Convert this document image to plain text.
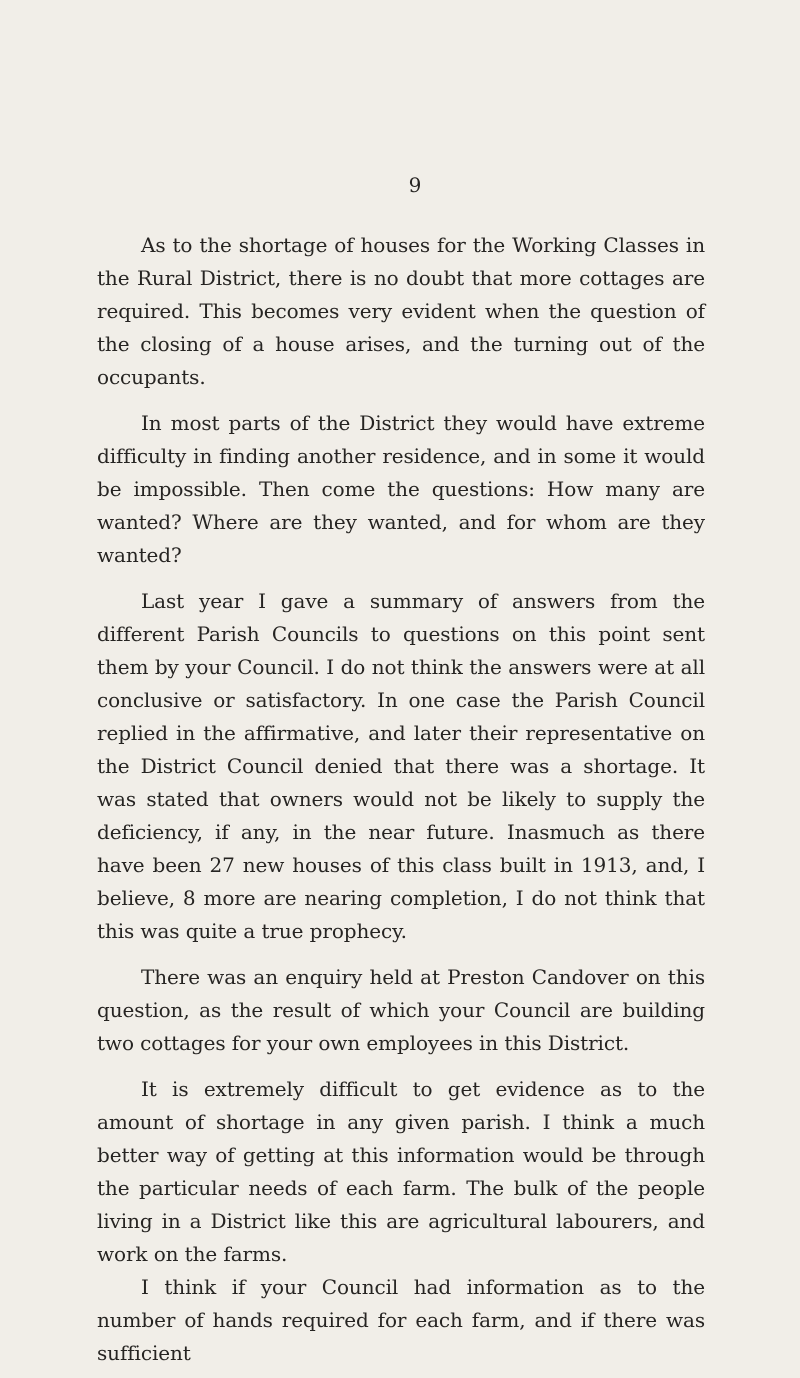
9

As to the shortage of houses for the Working Classes in the Rural District, there is no doubt that more cottages are required. This becomes very evident when the question of the closing of a house arises, and the turning out of the occupants.

In most parts of the District they would have extreme difficulty in finding another residence, and in some it would be impossible. Then come the questions: How many are wanted? Where are they wanted, and for whom are they wanted?

Last year I gave a summary of answers from the different Parish Councils to questions on this point sent them by your Council. I do not think the answers were at all conclusive or satisfactory. In one case the Parish Council replied in the affirmative, and later their representative on the District Council denied that there was a shortage. It was stated that owners would not be likely to supply the deficiency, if any, in the near future. Inasmuch as there have been 27 new houses of this class built in 1913, and, I believe, 8 more are nearing completion, I do not think that this was quite a true prophecy.

There was an enquiry held at Preston Candover on this question, as the result of which your Council are building two cottages for your own employees in this District.

It is extremely difficult to get evidence as to the amount of shortage in any given parish. I think a much better way of getting at this information would be through the particular needs of each farm. The bulk of the people living in a District like this are agricultural labourers, and work on the farms.

I think if your Council had information as to the number of hands required for each farm, and if there was sufficient
